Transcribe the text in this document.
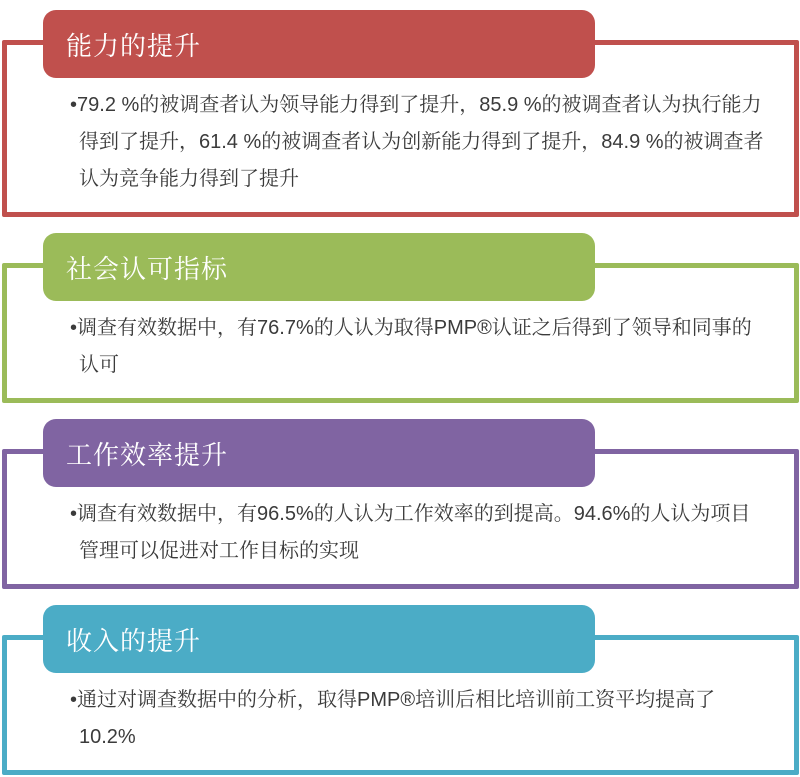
能力的提升

•79.2 %的被调查者认为领导能力得到了提升，85.9 %的被调查者认为执行能力得到了提升，61.4 %的被调查者认为创新能力得到了提升，84.9 %的被调查者认为竞争能力得到了提升

社会认可指标

•调查有效数据中，有76.7%的人认为取得PMP®认证之后得到了领导和同事的认可

工作效率提升

•调查有效数据中，有96.5%的人认为工作效率的到提高。94.6%的人认为项目管理可以促进对工作目标的实现

收入的提升

•通过对调查数据中的分析，取得PMP®培训后相比培训前工资平均提高了10.2%
